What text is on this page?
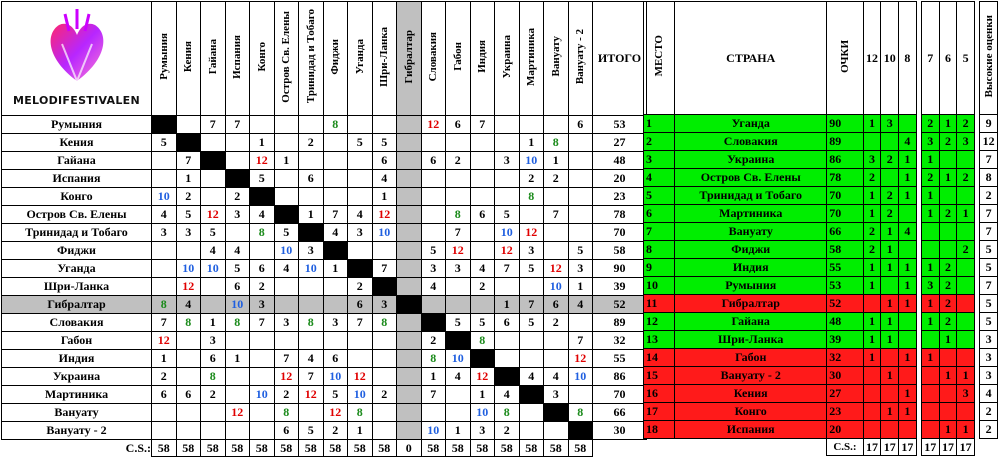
MELODIFESTIVALEN	Румыния	Кения	Гайана	Испания	Конго	Остров Св. Елены	Тринидад и Тобаго	Фиджи	Уганда	Шри-Ланка	Гибралтар	Словакия	Габон	Индия	Украина	Мартиника	Вануату	Вануату - 2	ИТОГО
Румыния			7	7				8				12	6	7				6	53
Кения	5				1		2		5	5						1	8		27
Гайана		7			12	1				6		6	2		3	10	1		48
Испания		1			5		6			4						2	2		20
Конго	10	2		2						1						8			23
Остров Св. Елены	4	5	12	3	4		1	7	4	12			8	6	5		7		78
Тринидад и Тобаго	3	3	5		8	5		4	3	10			7		10	12			70
Фиджи			4	4		10	3					5	12		12	3		5	58
Уганда		10	10	5	6	4	10	1		7		3	3	4	7	5	12	3	90
Шри-Ланка		12		6	2				2			4		2			10	1	39
Гибралтар	8	4		10	3				6	3					1	7	6	4	52
Словакия	7	8	1	8	7	3	8	3	7	8			5	5	6	5	2		89
Габон	12		3									2		8				7	32
Индия	1		6	1		7	4	6				8	10					12	55
Украина	2		8			12	7	10	12			1	4	12		4	4	10	86
Мартиника	6	6	2		10	2	12	5	10	2		7		1	4		3		70
Вануату				12		8		12	8					10	8			8	66
Вануату - 2						6	5	2	1			10	1	3	2				30
C.S.:	58	58	58	58	58	58	58	58	58	58	0	58	58	58	58	58	58	58	
МЕСТО	СТРАНА	ОЧКИ	12	10	8		7	6	5		Высокие оценки
1	Уганда	90	1	3			2	1	2		9
2	Словакия	89			4		3	2	3		12
3	Украина	86	3	2	1		1				7
4	Остров Св. Елены	78	2		1		2	1	2		8
5	Тринидад и Тобаго	70	1	2	1		1				2
6	Мартиника	70	1	2			1	2	1		7
7	Вануату	66	2	1	4						7
8	Фиджи	58	2	1					2		5
9	Индия	55	1	1	1		1	2			5
10	Румыния	53	1		1		3	2			7
11	Гибралтар	52		1	1		1	2			5
12	Гайана	48	1	1			1	2			5
13	Шри-Ланка	39	1	1				1			3
14	Габон	32	1		1		1				3
15	Вануату - 2	30		1				1	1		3
16	Кения	27			1				3		4
17	Конго	23		1	1						2
18	Испания	20						1	1		2
		C.S.:	17	17	17		17	17	17		
